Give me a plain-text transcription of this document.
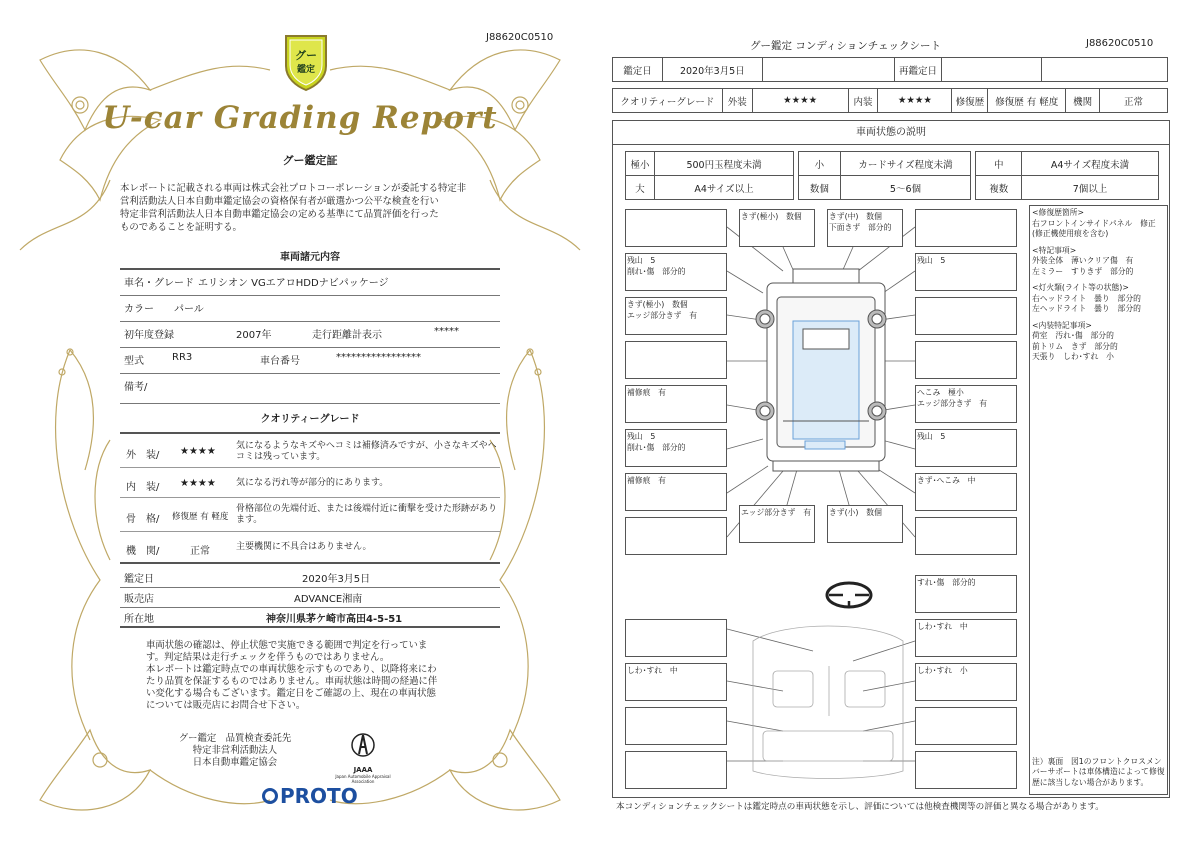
J88620C0510
グー
鑑定
U-car Grading Report
グー鑑定証
本レポートに記載される車両は株式会社プロトコーポレーションが委託する特定非
営利活動法人日本自動車鑑定協会の資格保有者が厳選かつ公平な検査を行い
特定非営利活動法人日本自動車鑑定協会の定める基準にて品質評価を行った
ものであることを証明する。
車両諸元内容
車名・グレード エリシオン VGエアロHDDナビパッケージ
カラー パール
初年度登録	2007年	走行距離計表示	*****
型式	RR3	車台番号	*****************
備考/
クオリティーグレード
外　装/ ★★★★ 気になるようなキズやヘコミは補修済みですが、小さなキズやヘコミは残っています。
内　装/ ★★★★ 気になる汚れ等が部分的にあります。
骨　格/ 修復歴 有 軽度
骨格部位の先端付近、または後端付近に衝撃を受けた形跡があります。
機　関/	正常	主要機関に不具合はありません。
鑑定日	2020年3月5日
販売店	ADVANCE湘南
所在地	神奈川県茅ケ崎市高田4-5-51
車両状態の確認は、停止状態で実施できる範囲で判定を行っていま
す。判定結果は走行チェックを伴うものではありません。
本レポートは鑑定時点での車両状態を示すものであり、以降将来にわ
たり品質を保証するものではありません。車両状態は時間の経過に伴
い変化する場合もございます。鑑定日をご確認の上、現在の車両状態
については販売店にお問合せ下さい。
グー鑑定　品質検査委託先
特定非営利活動法人
日本自動車鑑定協会
JAAA
Japan Automobile Appraisal Association
PROTO
グー鑑定 コンディションチェックシート	J88620C0510
鑑定日	2020年3月5日		再鑑定日		
クオリティーグレード	外装	★★★★	内装	★★★★	修復歴	修復歴 有 軽度	機関	正常
車両状態の説明
極小	500円玉程度未満		小	カードサイズ程度未満		中	A4サイズ程度未満
大	A4サイズ以上		数個	5～6個		複数	7個以上
きず(極小)　数個	きず(中)　数個
下面きず　部分的
残山　5
削れ･傷　部分的
残山　5
きず(極小)　数個
エッジ部分きず　有
補修痕　有	へこみ　極小
エッジ部分きず　有
残山　5
削れ･傷　部分的
残山　5
補修痕　有	きず･へこみ　中
エッジ部分きず　有	きず(小)　数個
すれ･傷　部分的
しわ･すれ　中
しわ･すれ　中	しわ･すれ　小
<修復歴箇所>
右フロントインサイドパネル　修正
(修正機使用痕を含む)
<特記事項>
外装全体　薄いクリア傷　有
左ミラー　すりきず　部分的
<灯火類(ライト等の状態)>
右ヘッドライト　曇り　部分的
左ヘッドライト　曇り　部分的
<内装特記事項>
荷室　汚れ･傷　部分的
前トリム　きず　部分的
天張り　しわ･すれ　小
注）裏面　図1のフロントクロスメンバーサポートは車体構造によって修復歴に該当しない場合があります。
本コンディションチェックシートは鑑定時点の車両状態を示し、評価については他検査機関等の評価と異なる場合があります。
